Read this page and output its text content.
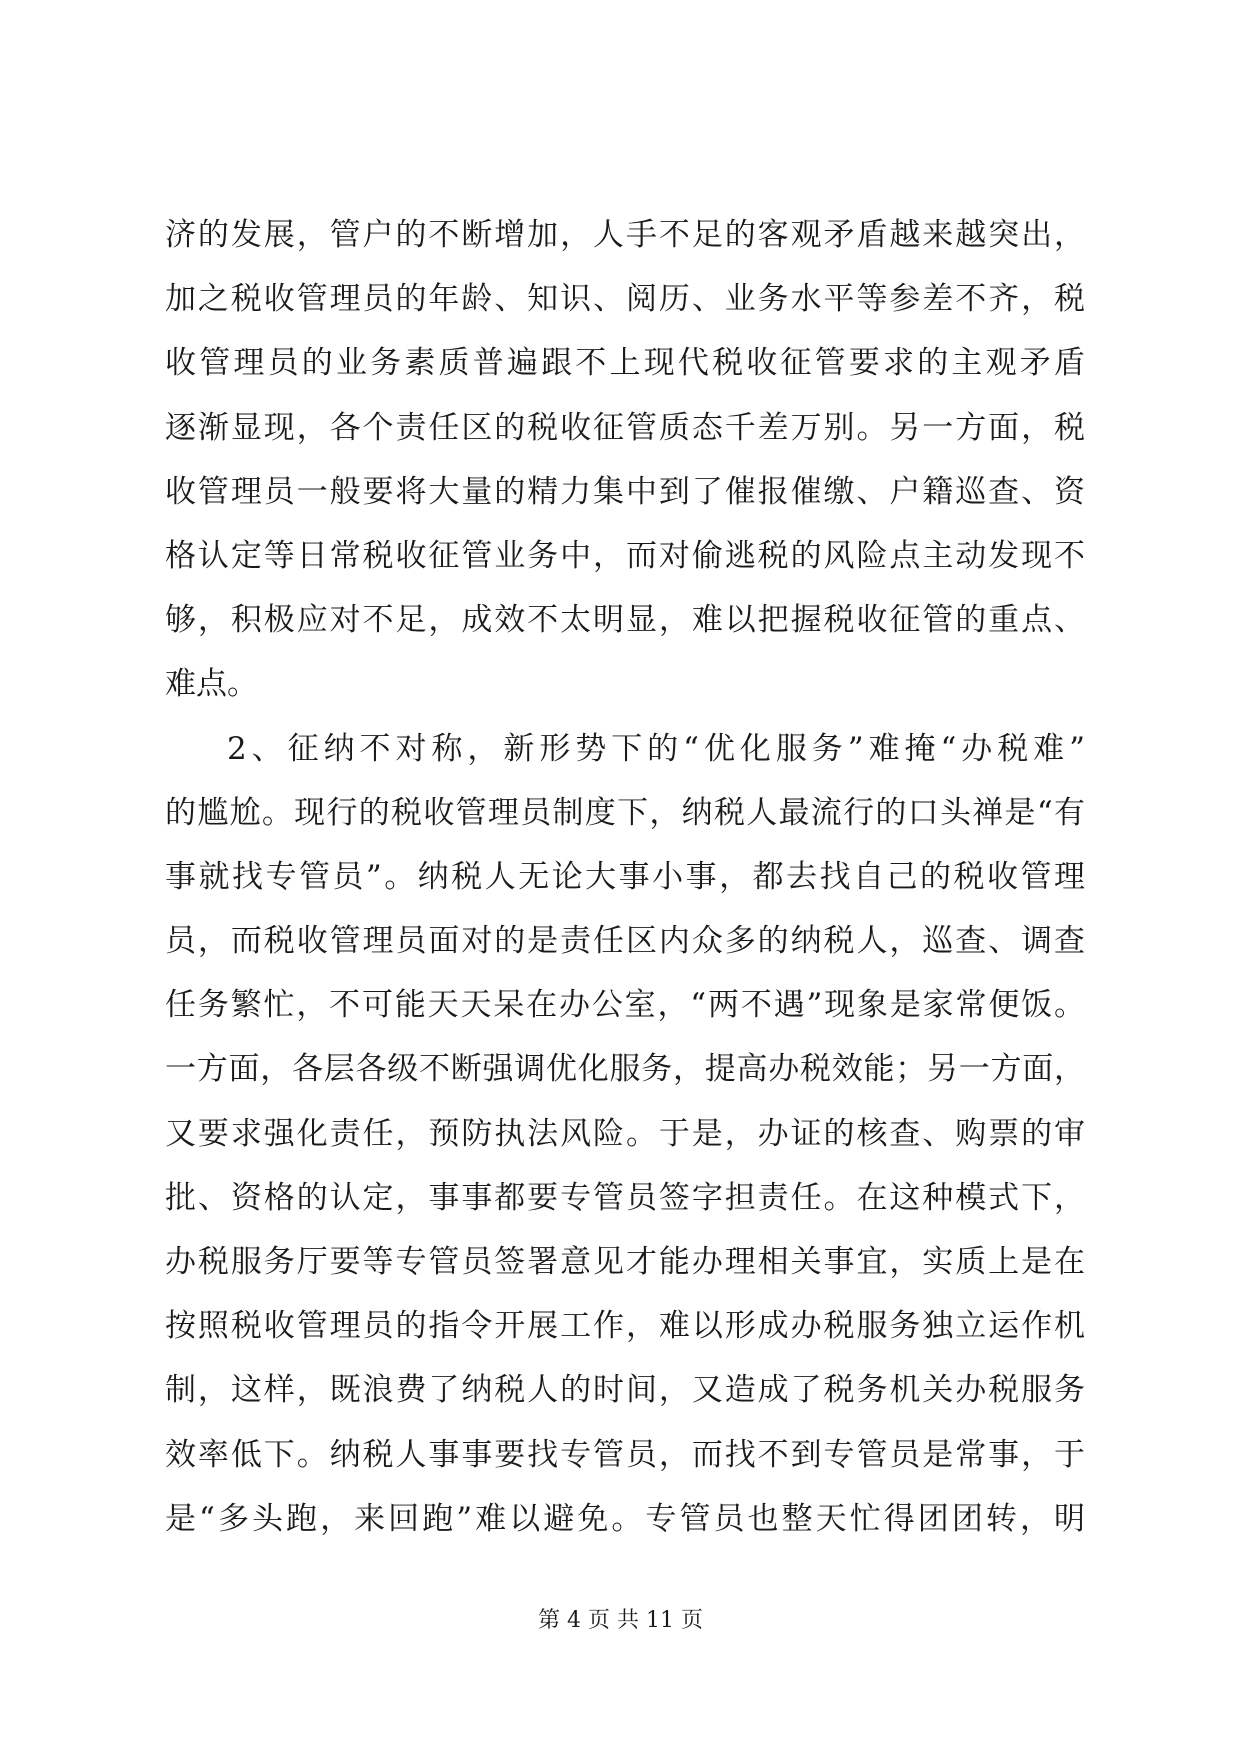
济的发展，管户的不断增加，人手不足的客观矛盾越来越突出，
加之税收管理员的年龄、知识、阅历、业务水平等参差不齐，税
收管理员的业务素质普遍跟不上现代税收征管要求的主观矛盾
逐渐显现，各个责任区的税收征管质态千差万别。另一方面，税
收管理员一般要将大量的精力集中到了催报催缴、户籍巡查、资
格认定等日常税收征管业务中，而对偷逃税的风险点主动发现不
够，积极应对不足，成效不太明显，难以把握税收征管的重点、
难点。
2、征纳不对称，新形势下的“优化服务”难掩“办税难”
的尴尬。现行的税收管理员制度下，纳税人最流行的口头禅是“有
事就找专管员”。纳税人无论大事小事，都去找自己的税收管理
员，而税收管理员面对的是责任区内众多的纳税人，巡查、调查
任务繁忙，不可能天天呆在办公室，“两不遇”现象是家常便饭。
一方面，各层各级不断强调优化服务，提高办税效能；另一方面，
又要求强化责任，预防执法风险。于是，办证的核查、购票的审
批、资格的认定，事事都要专管员签字担责任。在这种模式下，
办税服务厅要等专管员签署意见才能办理相关事宜，实质上是在
按照税收管理员的指令开展工作，难以形成办税服务独立运作机
制，这样，既浪费了纳税人的时间，又造成了税务机关办税服务
效率低下。纳税人事事要找专管员，而找不到专管员是常事，于
是“多头跑，来回跑”难以避免。专管员也整天忙得团团转，明
第 4 页 共 11 页
